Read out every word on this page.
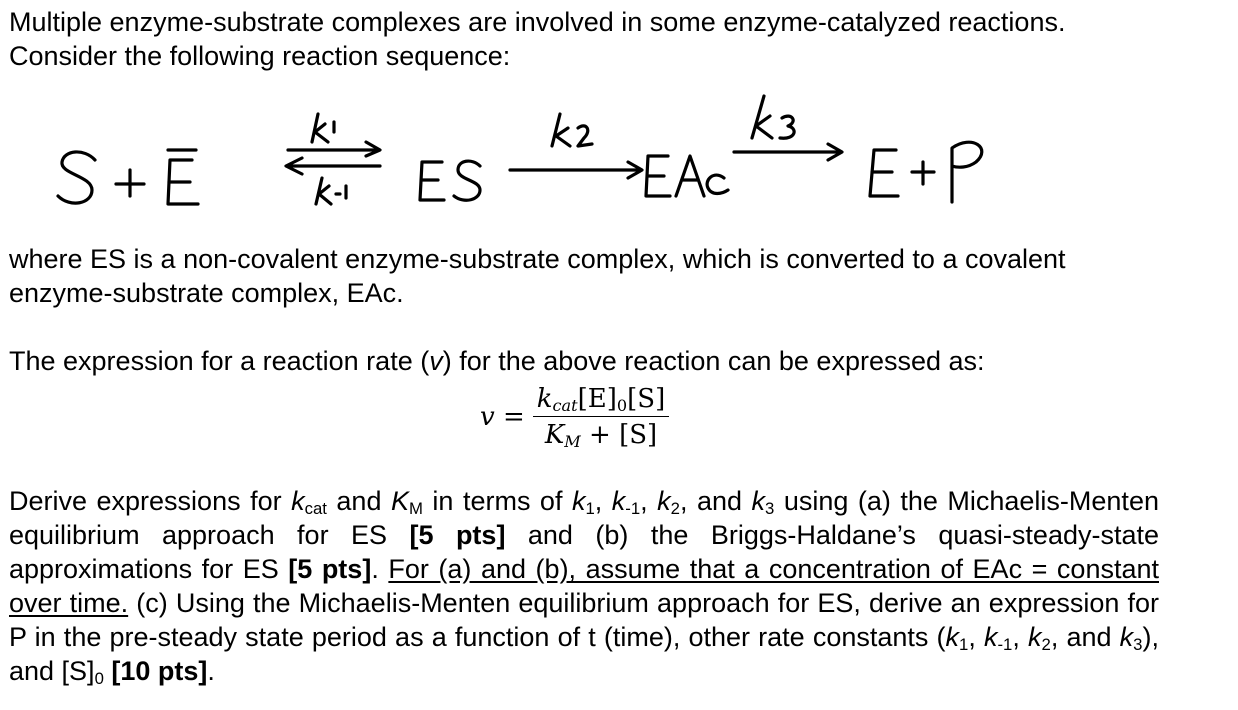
Multiple enzyme-substrate complexes are involved in some enzyme-catalyzed reactions.
Consider the following reaction sequence:

where ES is a non-covalent enzyme-substrate complex, which is converted to a covalent
enzyme-substrate complex, EAc.

The expression for a reaction rate (v) for the above reaction can be expressed as:

$v = \frac{k_{cat}[E]_0[S]}{K_M + [S]}$

Derive expressions for $k_{cat}$ and $K_M$ in terms of $k_1$, $k_{-1}$, $k_2$, and $k_3$ using (a) the Michaelis-Menten equilibrium approach for ES [5 pts] and (b) the Briggs-Haldane’s quasi-steady-state approximations for ES [5 pts]. For (a) and (b), assume that a concentration of EAc = constant over time. (c) Using the Michaelis-Menten equilibrium approach for ES, derive an expression for P in the pre-steady state period as a function of t (time), other rate constants ($k_1$, $k_{-1}$, $k_2$, and $k_3$), and $[S]_0$ [10 pts].
